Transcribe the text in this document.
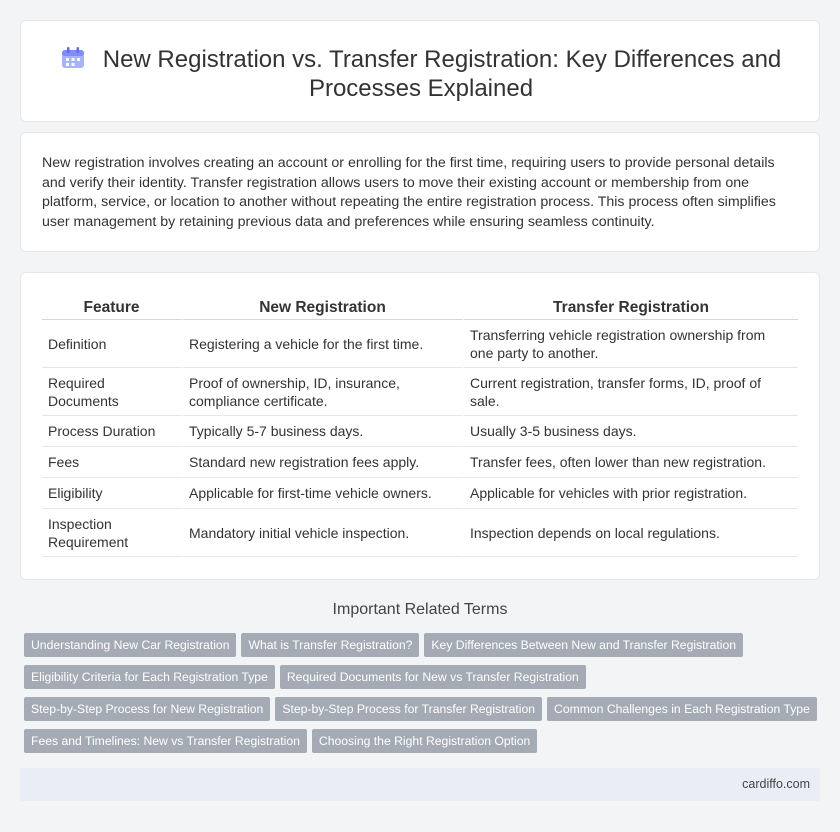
New Registration vs. Transfer Registration: Key Differences and
Processes Explained

New registration involves creating an account or enrolling for the first time, requiring users to provide personal details and verify their identity. Transfer registration allows users to move their existing account or membership from one platform, service, or location to another without repeating the entire registration process. This process often simplifies user management by retaining previous data and preferences while ensuring seamless continuity.

Feature	New Registration	Transfer Registration
Definition	Registering a vehicle for the first time.	Transferring vehicle registration ownership from one party to another.
Required Documents	Proof of ownership, ID, insurance, compliance certificate.	Current registration, transfer forms, ID, proof of sale.
Process Duration	Typically 5-7 business days.	Usually 3-5 business days.
Fees	Standard new registration fees apply.	Transfer fees, often lower than new registration.
Eligibility	Applicable for first-time vehicle owners.	Applicable for vehicles with prior registration.
Inspection Requirement	Mandatory initial vehicle inspection.	Inspection depends on local regulations.
Important Related Terms
Understanding New Car Registration What is Transfer Registration? Key Differences Between New and Transfer Registration
Eligibility Criteria for Each Registration Type Required Documents for New vs Transfer Registration
Step-by-Step Process for New Registration Step-by-Step Process for Transfer Registration Common Challenges in Each Registration Type
Fees and Timelines: New vs Transfer Registration Choosing the Right Registration Option
cardiffo.com
